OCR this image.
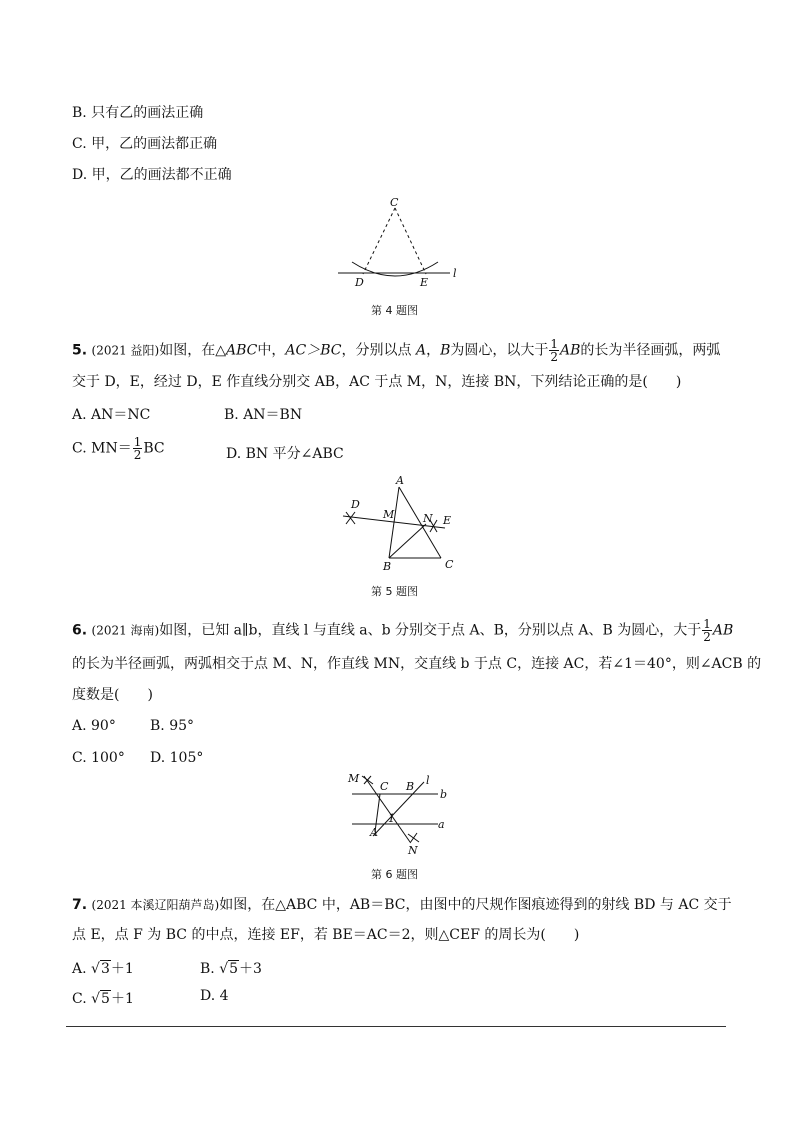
B. 只有乙的画法正确
C. 甲，乙的画法都正确
D. 甲，乙的画法都不正确
C
D	E
l
第 4 题图
5. (2021 益阳)如图，在△ABC中，AC＞BC，分别以点 A，B为圆心，以大于 $\frac{1}{2}$ AB的长为半径画弧，两弧
交于 D，E，经过 D，E 作直线分别交 AB，AC 于点 M，N，连接 BN，下列结论正确的是(　　)
A. AN＝NC	B. AN＝BN
C. $MN= \frac{1}{2}$ BC	D. BN 平分∠ABC
A
B	C
D
E
M	N
第 5 题图
6. (2021 海南)如图，已知 a∥b，直线 l 与直线 a、b 分别交于点 A、B，分别以点 A、B 为圆心，大于 $\frac{1}{2}$ AB
的长为半径画弧，两弧相交于点 M、N，作直线 MN，交直线 b 于点 C，连接 AC，若∠1＝40°，则∠ACB 的
度数是(　　)
A. 90° B. 95°
C. 100° D. 105°
M
C B l
b
A
1	a
N
第 6 题图
7. (2021 本溪辽阳葫芦岛)如图，在△ABC 中，AB＝BC，由图中的尺规作图痕迹得到的射线 BD 与 AC 交于
点 E，点 F 为 BC 的中点，连接 EF，若 BE＝AC＝2，则△CEF 的周长为(　　)
A. √3＋1	B. √5＋3
C. √5＋1	D. 4
